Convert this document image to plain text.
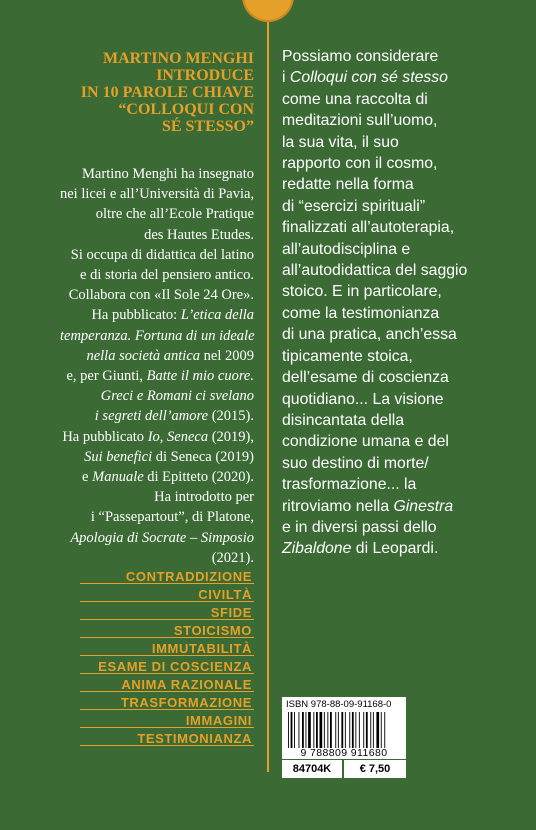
MARTINO MENGHI
INTRODUCE
IN 10 PAROLE CHIAVE
“COLLOQUI CON
SÉ STESSO”
Martino Menghi ha insegnato
nei licei e all’Università di Pavia,
oltre che all’Ecole Pratique
des Hautes Etudes.
Si occupa di didattica del latino
e di storia del pensiero antico.
Collabora con «Il Sole 24 Ore».
Ha pubblicato: L’etica della
temperanza. Fortuna di un ideale
nella società antica nel 2009
e, per Giunti, Batte il mio cuore.
Greci e Romani ci svelano
i segreti dell’amore (2015).
Ha pubblicato Io, Seneca (2019),
Sui benefici di Seneca (2019)
e Manuale di Epitteto (2020).
Ha introdotto per
i “Passepartout”, di Platone,
Apologia di Socrate – Simposio
(2021).
Possiamo considerare
i Colloqui con sé stesso
come una raccolta di
meditazioni sull’uomo,
la sua vita, il suo
rapporto con il cosmo,
redatte nella forma
di “esercizi spirituali”
finalizzati all’autoterapia,
all’autodisciplina e
all’autodidattica del saggio
stoico. E in particolare,
come la testimonianza
di una pratica, anch’essa
tipicamente stoica,
dell’esame di coscienza
quotidiano... La visione
disincantata della
condizione umana e del
suo destino di morte/
trasformazione... la
ritroviamo nella Ginestra
e in diversi passi dello
Zibaldone di Leopardi.
CONTRADDIZIONE
CIVILTÀ
SFIDE
STOICISMO
IMMUTABILITÀ
ESAME DI COSCIENZA
ANIMA RAZIONALE
TRASFORMAZIONE
IMMAGINI
TESTIMONIANZA
ISBN 978-88-09-91168-0
9 788809 911680
84704K	€ 7,50
